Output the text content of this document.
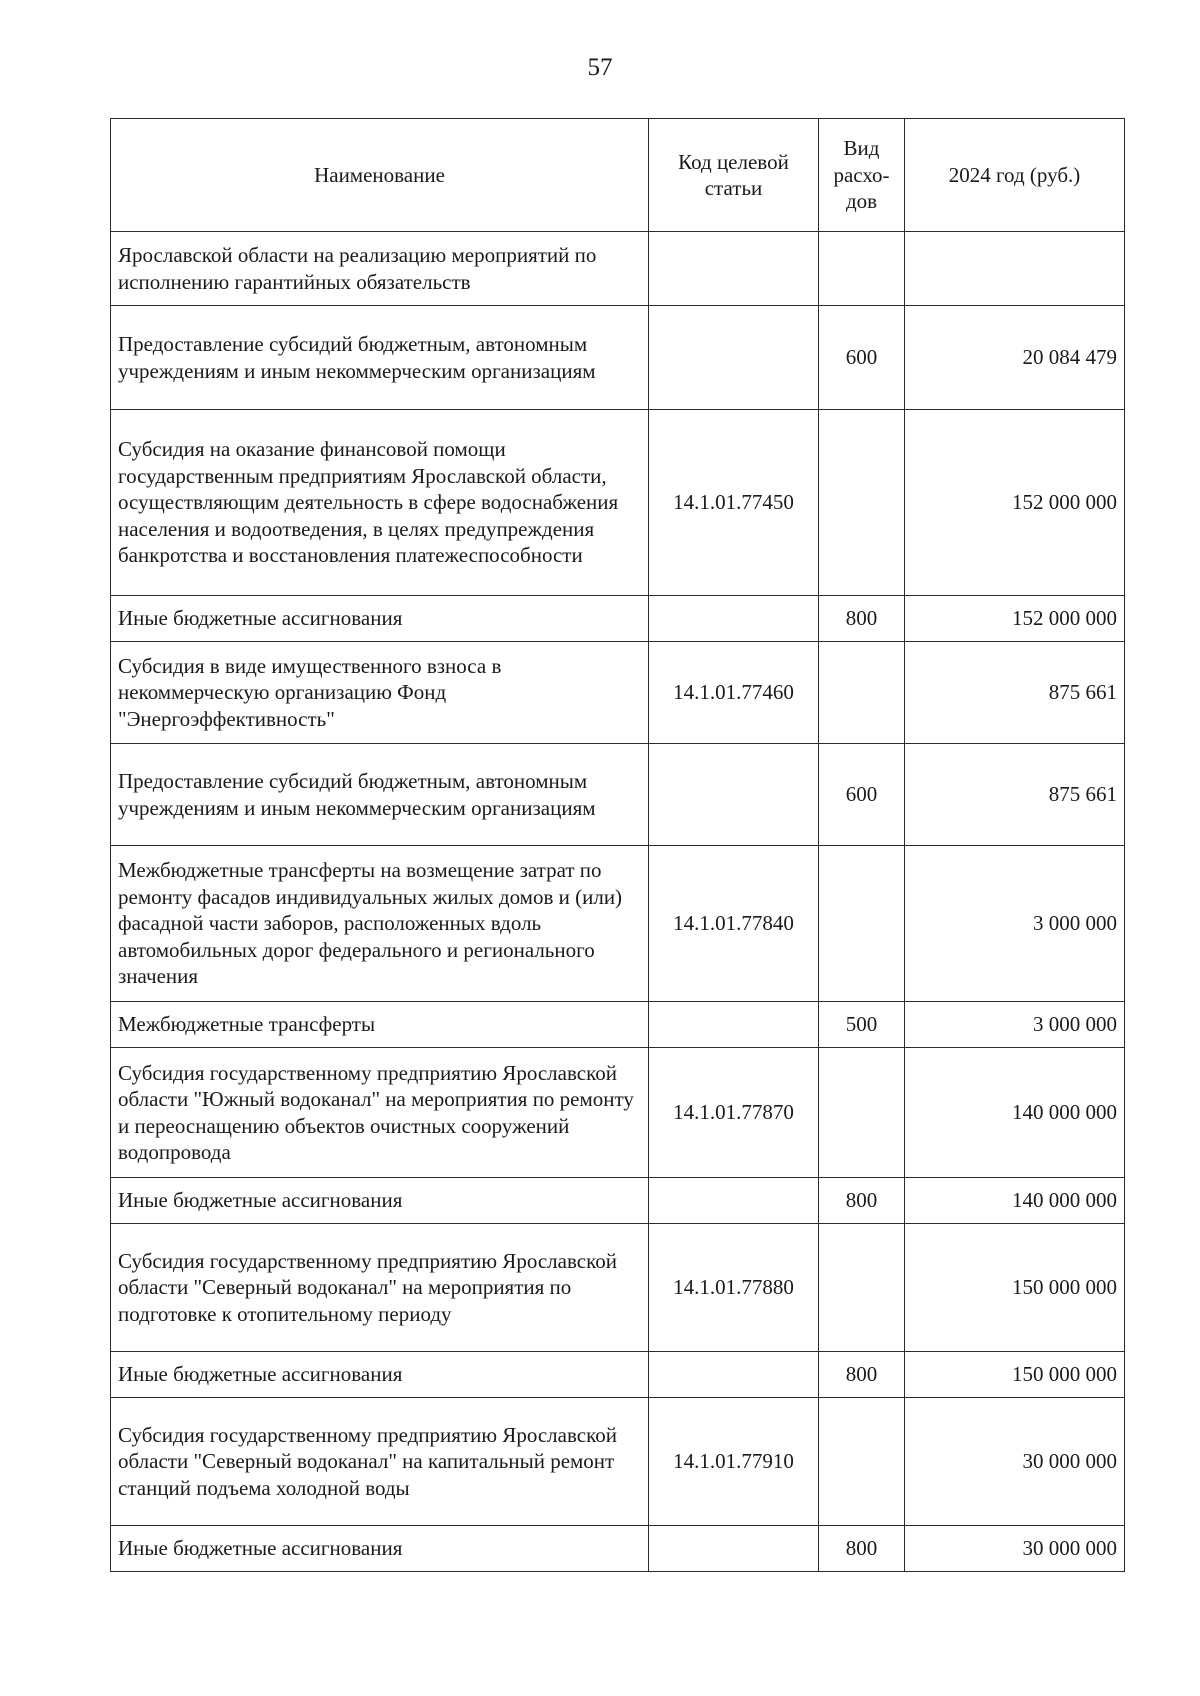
57
Наименование	Код целевой статьи	Вид расхо-дов	2024 год (руб.)
Ярославской области на реализацию мероприятий по исполнению гарантийных обязательств			
Предоставление субсидий бюджетным, автономным учреждениям и иным некоммерческим организациям		600	20 084 479
Субсидия на оказание финансовой помощи государственным предприятиям Ярославской области, осуществляющим деятельность в сфере водоснабжения населения и водоотведения, в целях предупреждения банкротства и восстановления платежеспособности	14.1.01.77450		152 000 000
Иные бюджетные ассигнования		800	152 000 000
Субсидия в виде имущественного взноса в некоммерческую организацию Фонд "Энергоэффективность"	14.1.01.77460		875 661
Предоставление субсидий бюджетным, автономным учреждениям и иным некоммерческим организациям		600	875 661
Межбюджетные трансферты на возмещение затрат по ремонту фасадов индивидуальных жилых домов и (или) фасадной части заборов, расположенных вдоль автомобильных дорог федерального и регионального значения	14.1.01.77840		3 000 000
Межбюджетные трансферты		500	3 000 000
Субсидия государственному предприятию Ярославской области "Южный водоканал" на мероприятия по ремонту и переоснащению объектов очистных сооружений водопровода	14.1.01.77870		140 000 000
Иные бюджетные ассигнования		800	140 000 000
Субсидия государственному предприятию Ярославской области "Северный водоканал" на мероприятия по подготовке к отопительному периоду	14.1.01.77880		150 000 000
Иные бюджетные ассигнования		800	150 000 000
Субсидия государственному предприятию Ярославской области "Северный водоканал" на капитальный ремонт станций подъема холодной воды	14.1.01.77910		30 000 000
Иные бюджетные ассигнования		800	30 000 000
